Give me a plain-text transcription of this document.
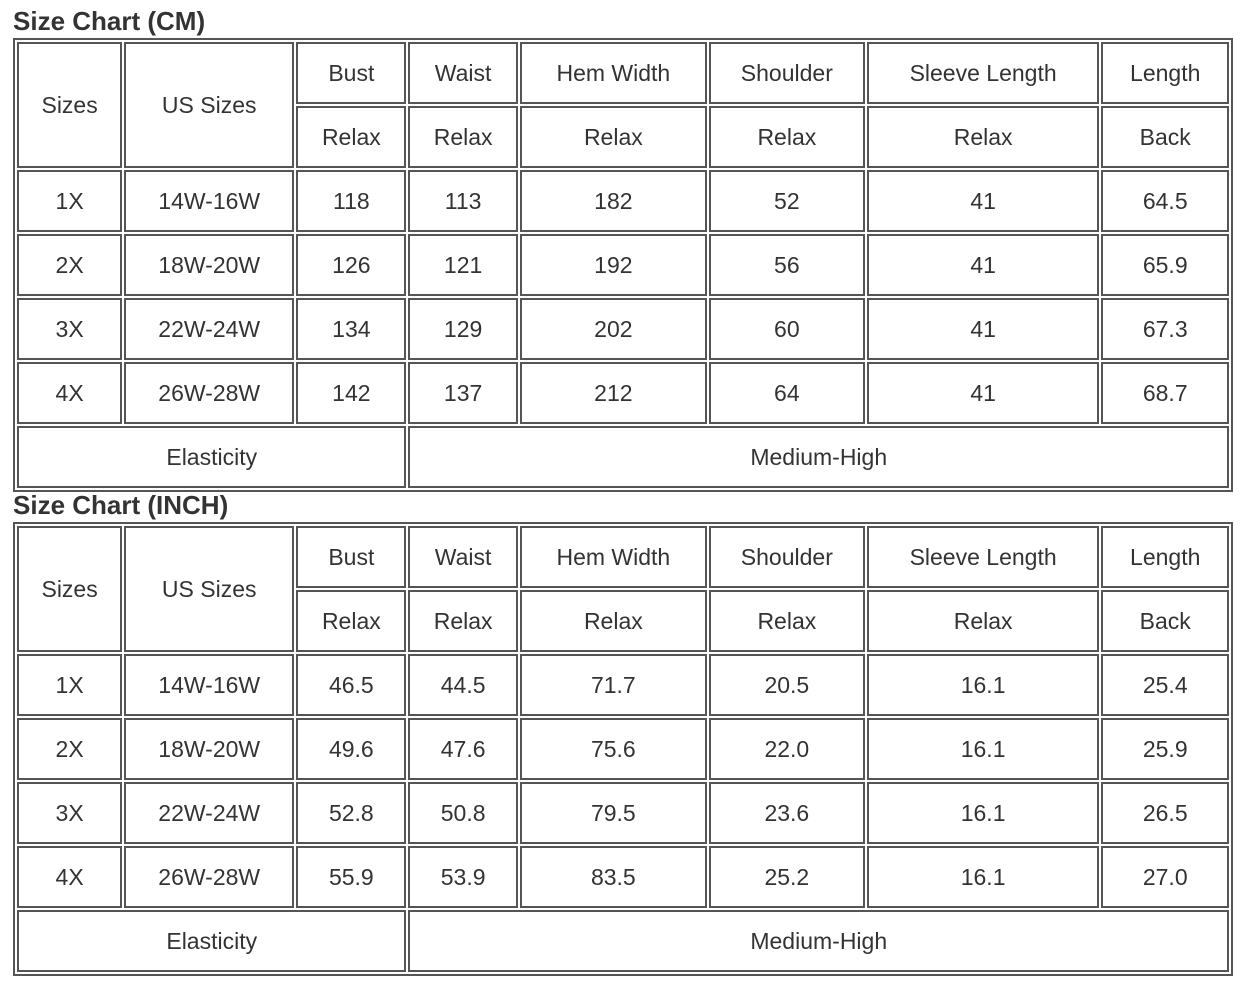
Size Chart (CM)
Sizes	US Sizes	Bust	Waist	Hem Width	Shoulder	Sleeve Length	Length
		Relax	Relax	Relax	Relax	Relax	Back
1X	14W-16W	118	113	182	52	41	64.5
2X	18W-20W	126	121	192	56	41	65.9
3X	22W-24W	134	129	202	60	41	67.3
4X	26W-28W	142	137	212	64	41	68.7
Elasticity			Medium-High				
Size Chart (INCH)
Sizes	US Sizes	Bust	Waist	Hem Width	Shoulder	Sleeve Length	Length
		Relax	Relax	Relax	Relax	Relax	Back
1X	14W-16W	46.5	44.5	71.7	20.5	16.1	25.4
2X	18W-20W	49.6	47.6	75.6	22.0	16.1	25.9
3X	22W-24W	52.8	50.8	79.5	23.6	16.1	26.5
4X	26W-28W	55.9	53.9	83.5	25.2	16.1	27.0
Elasticity			Medium-High				
